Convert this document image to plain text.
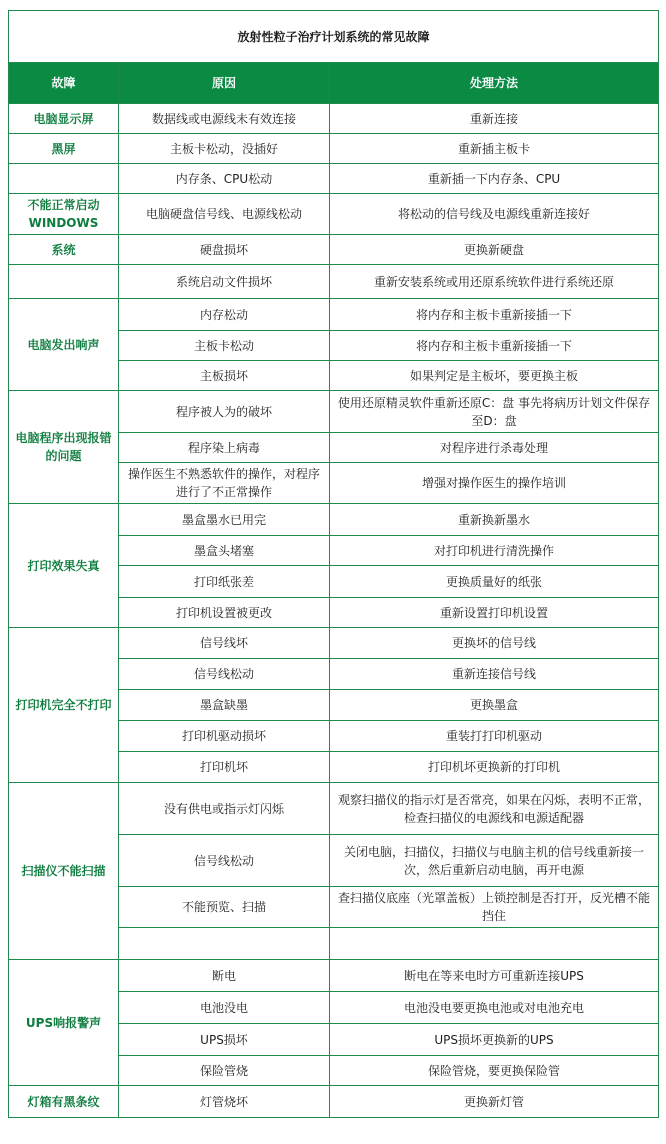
放射性粒子治疗计划系统的常见故障		
故障	原因	处理方法
电脑显示屏	数据线或电源线未有效连接	重新连接
黑屏	主板卡松动，没插好	重新插主板卡
	内存条、CPU松动	重新插一下内存条、CPU
不能正常启动WINDOWS	电脑硬盘信号线、电源线松动	将松动的信号线及电源线重新连接好
系统	硬盘损坏	更换新硬盘
	系统启动文件损坏	重新安装系统或用还原系统软件进行系统还原
电脑发出响声	内存松动	将内存和主板卡重新接插一下
	主板卡松动	将内存和主板卡重新接插一下
	主板损坏	如果判定是主板坏，要更换主板
电脑程序出现报错的问题	程序被人为的破坏	使用还原精灵软件重新还原C：盘 事先将病历计划文件保存至D：盘
	程序染上病毒	对程序进行杀毒处理
	操作医生不熟悉软件的操作，对程序进行了不正常操作	增强对操作医生的操作培训
打印效果失真	墨盒墨水已用完	重新换新墨水
	墨盒头堵塞	对打印机进行清洗操作
	打印纸张差	更换质量好的纸张
	打印机设置被更改	重新设置打印机设置
打印机完全不打印	信号线坏	更换坏的信号线
	信号线松动	重新连接信号线
	墨盒缺墨	更换墨盒
	打印机驱动损坏	重装打打印机驱动
	打印机坏	打印机坏更换新的打印机
扫描仪不能扫描	没有供电或指示灯闪烁	观察扫描仪的指示灯是否常亮，如果在闪烁，表明不正常，检查扫描仪的电源线和电源适配器
	信号线松动	关闭电脑，扫描仪，扫描仪与电脑主机的信号线重新接一次，然后重新启动电脑，再开电源
	不能预览、扫描	查扫描仪底座（光罩盖板）上锁控制是否打开，反光槽不能挡住

UPS响报警声	断电	断电在等来电时方可重新连接UPS
	电池没电	电池没电要更换电池或对电池充电
	UPS损坏	UPS损坏更换新的UPS
	保险管烧	保险管烧，要更换保险管
灯箱有黑条纹	灯管烧坏	更换新灯管
